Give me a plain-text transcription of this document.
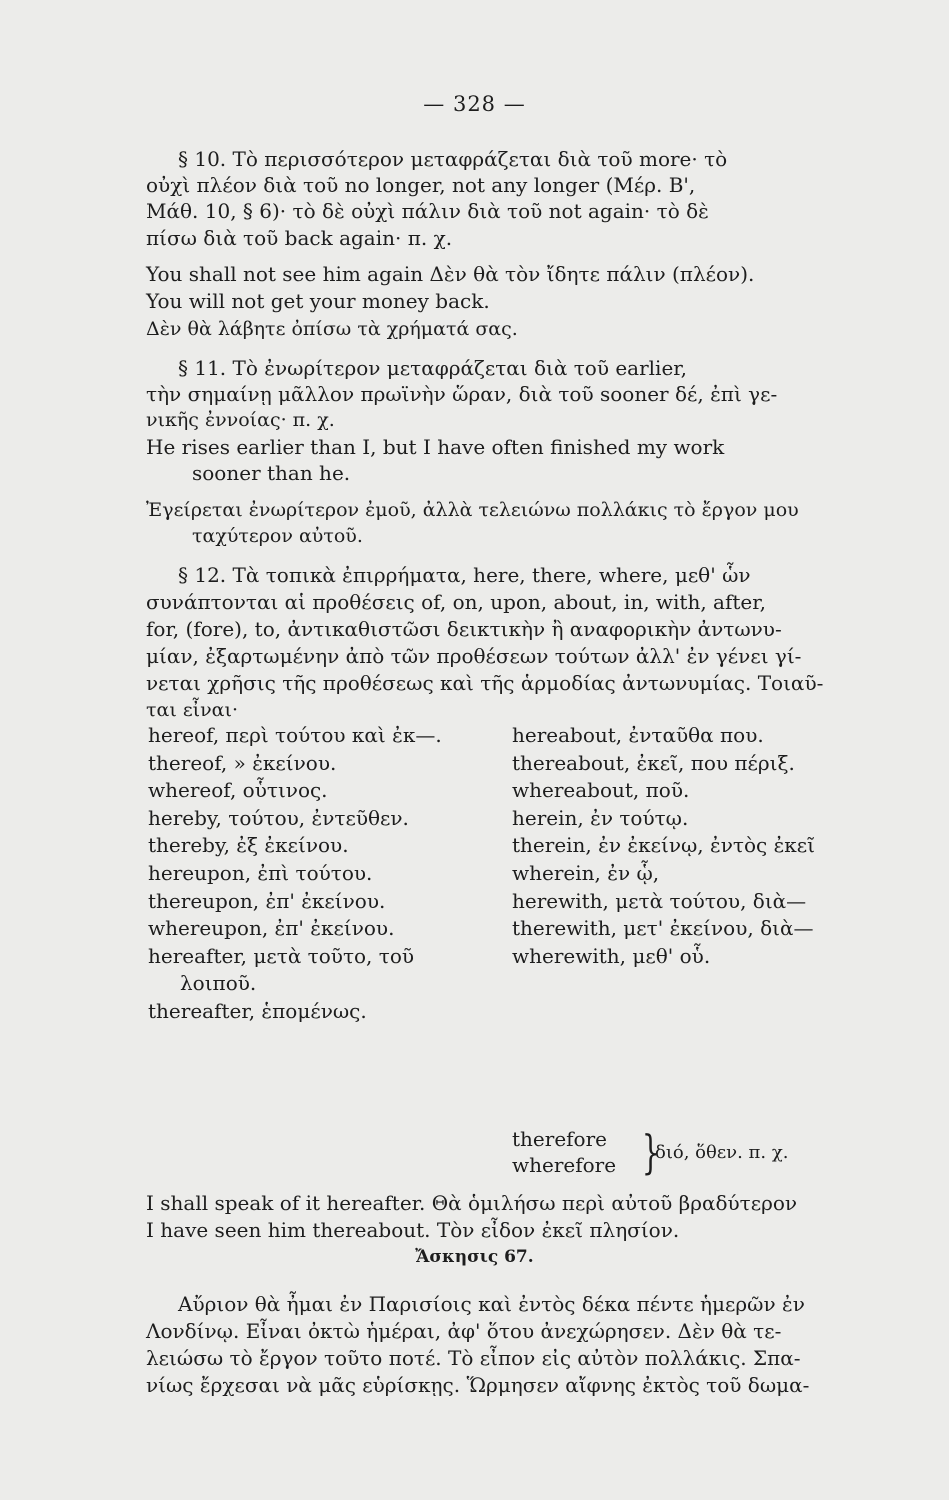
— 328 —
§ 10. Τὸ περισσότερον μεταφράζεται διὰ τοῦ more· τὸ
οὐχὶ πλέον διὰ τοῦ no longer, not any longer (Μέρ. Β',
Μάθ. 10, § 6)· τὸ δὲ οὐχὶ πάλιν διὰ τοῦ not again· τὸ δὲ
πίσω διὰ τοῦ back again· π. χ.
You shall not see him again Δὲν θὰ τὸν ἴδητε πάλιν (πλέον).
You will not get your money back.
Δὲν θὰ λάβητε ὀπίσω τὰ χρήματά σας.
§ 11. Τὸ ἐνωρίτερον μεταφράζεται διὰ τοῦ earlier,
τὴν σημαίνῃ μᾶλλον πρωϊνὴν ὥραν, διὰ τοῦ sooner δέ, ἐπὶ γε-
νικῆς ἐννοίας· π. χ.
He rises earlier than I, but I have often finished my work
sooner than he.
Ἐγείρεται ἐνωρίτερον ἐμοῦ, ἀλλὰ τελειώνω πολλάκις τὸ ἔργον μου
ταχύτερον αὐτοῦ.
§ 12. Τὰ τοπικὰ ἐπιρρήματα, here, there, where, μεθ' ὧν
συνάπτονται αἱ προθέσεις of, on, upon, about, in, with, after,
for, (fore), to, ἀντικαθιστῶσι δεικτικὴν ἢ αναφορικὴν ἀντωνυ-
μίαν, ἐξαρτωμένην ἀπὸ τῶν προθέσεων τούτων ἀλλ' ἐν γένει γί-
νεται χρῆσις τῆς προθέσεως καὶ τῆς ἁρμοδίας ἀντωνυμίας. Τοιαῦ-
ται εἶναι·
hereof, περὶ τούτου καὶ ἐκ—.
thereof, » ἐκείνου.
whereof, οὗτινος.
hereby, τούτου, ἐντεῦθεν.
thereby, ἐξ ἐκείνου.
hereupon, ἐπὶ τούτου.
thereupon, ἐπ' ἐκείνου.
whereupon, ἐπ' ἐκείνου.
hereafter, μετὰ τοῦτο, τοῦ
λοιποῦ.
thereafter, ἑπομένως.
hereabout, ἐνταῦθα που.
thereabout, ἐκεῖ, που πέριξ.
whereabout, ποῦ.
herein, ἐν τούτῳ.
therein, ἐν ἐκείνῳ, ἐντὸς ἐκεῖ
wherein, ἐν ᾧ,
herewith, μετὰ τούτου, διὰ—
therewith, μετ' ἐκείνου, διὰ—
wherewith, μεθ' οὗ.
therefore
wherefore }
διό, ὅθεν. π. χ.
I shall speak of it hereafter. Θὰ ὁμιλήσω περὶ αὐτοῦ βραδύτερον
I have seen him thereabout. Τὸν εἶδον ἐκεῖ πλησίον.
Ἄσκησις 67.
Αὔριον θὰ ἦμαι ἐν Παρισίοις καὶ ἐντὸς δέκα πέντε ἡμερῶν ἐν
Λονδίνῳ. Εἶναι ὀκτὼ ἡμέραι, ἀφ' ὅτου ἀνεχώρησεν. Δὲν θὰ τε-
λειώσω τὸ ἔργον τοῦτο ποτέ. Τὸ εἶπον εἰς αὐτὸν πολλάκις. Σπα-
νίως ἔρχεσαι νὰ μᾶς εὑρίσκῃς. Ὥρμησεν αἴφνης ἐκτὸς τοῦ δωμα-
